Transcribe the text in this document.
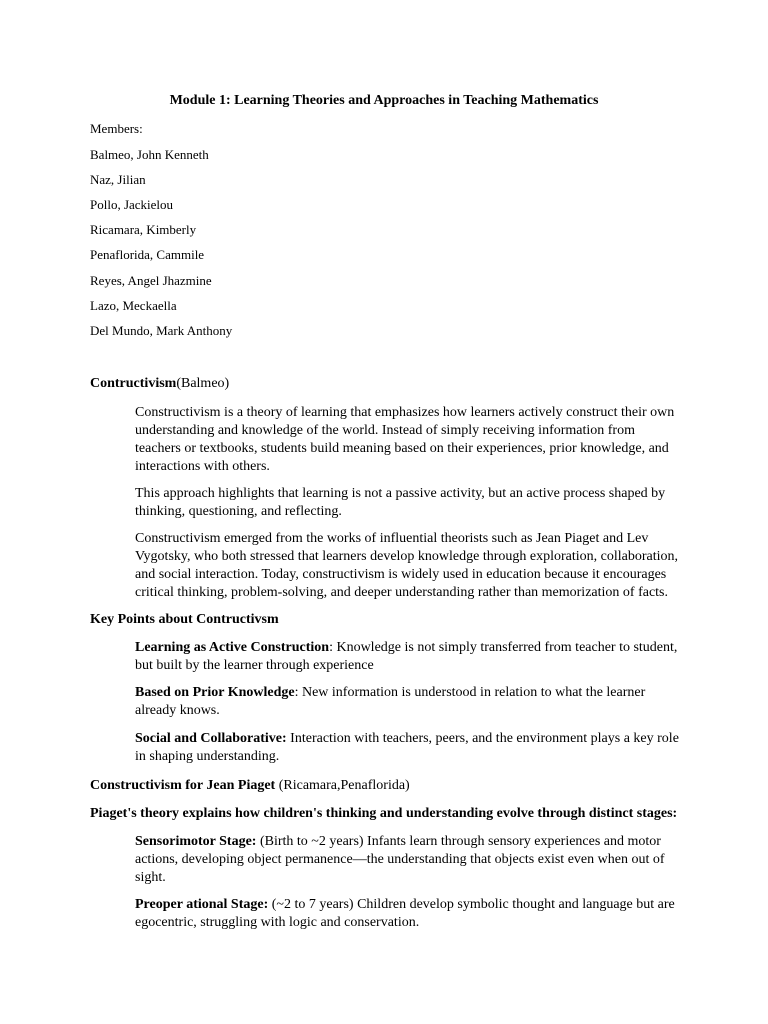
Module 1: Learning Theories and Approaches in Teaching Mathematics
Members:
Balmeo, John Kenneth
Naz, Jilian
Pollo, Jackielou
Ricamara, Kimberly
Penaflorida, Cammile
Reyes, Angel Jhazmine
Lazo, Meckaella
Del Mundo, Mark Anthony
Contructivism(Balmeo)
Constructivism is a theory of learning that emphasizes how learners actively construct their own understanding and knowledge of the world. Instead of simply receiving information from teachers or textbooks, students build meaning based on their experiences, prior knowledge, and interactions with others.
This approach highlights that learning is not a passive activity, but an active process shaped by thinking, questioning, and reflecting.
Constructivism emerged from the works of influential theorists such as Jean Piaget and Lev Vygotsky, who both stressed that learners develop knowledge through exploration, collaboration, and social interaction. Today, constructivism is widely used in education because it encourages critical thinking, problem-solving, and deeper understanding rather than memorization of facts.
Key Points about Contructivsm
Learning as Active Construction: Knowledge is not simply transferred from teacher to student, but built by the learner through experience
Based on Prior Knowledge: New information is understood in relation to what the learner already knows.
Social and Collaborative: Interaction with teachers, peers, and the environment plays a key role in shaping understanding.
Constructivism for Jean Piaget (Ricamara,Penaflorida)
Piaget's theory explains how children's thinking and understanding evolve through distinct stages:
Sensorimotor Stage: (Birth to ~2 years) Infants learn through sensory experiences and motor actions, developing object permanence—the understanding that objects exist even when out of sight.
Preoper ational Stage: (~2 to 7 years) Children develop symbolic thought and language but are egocentric, struggling with logic and conservation.
